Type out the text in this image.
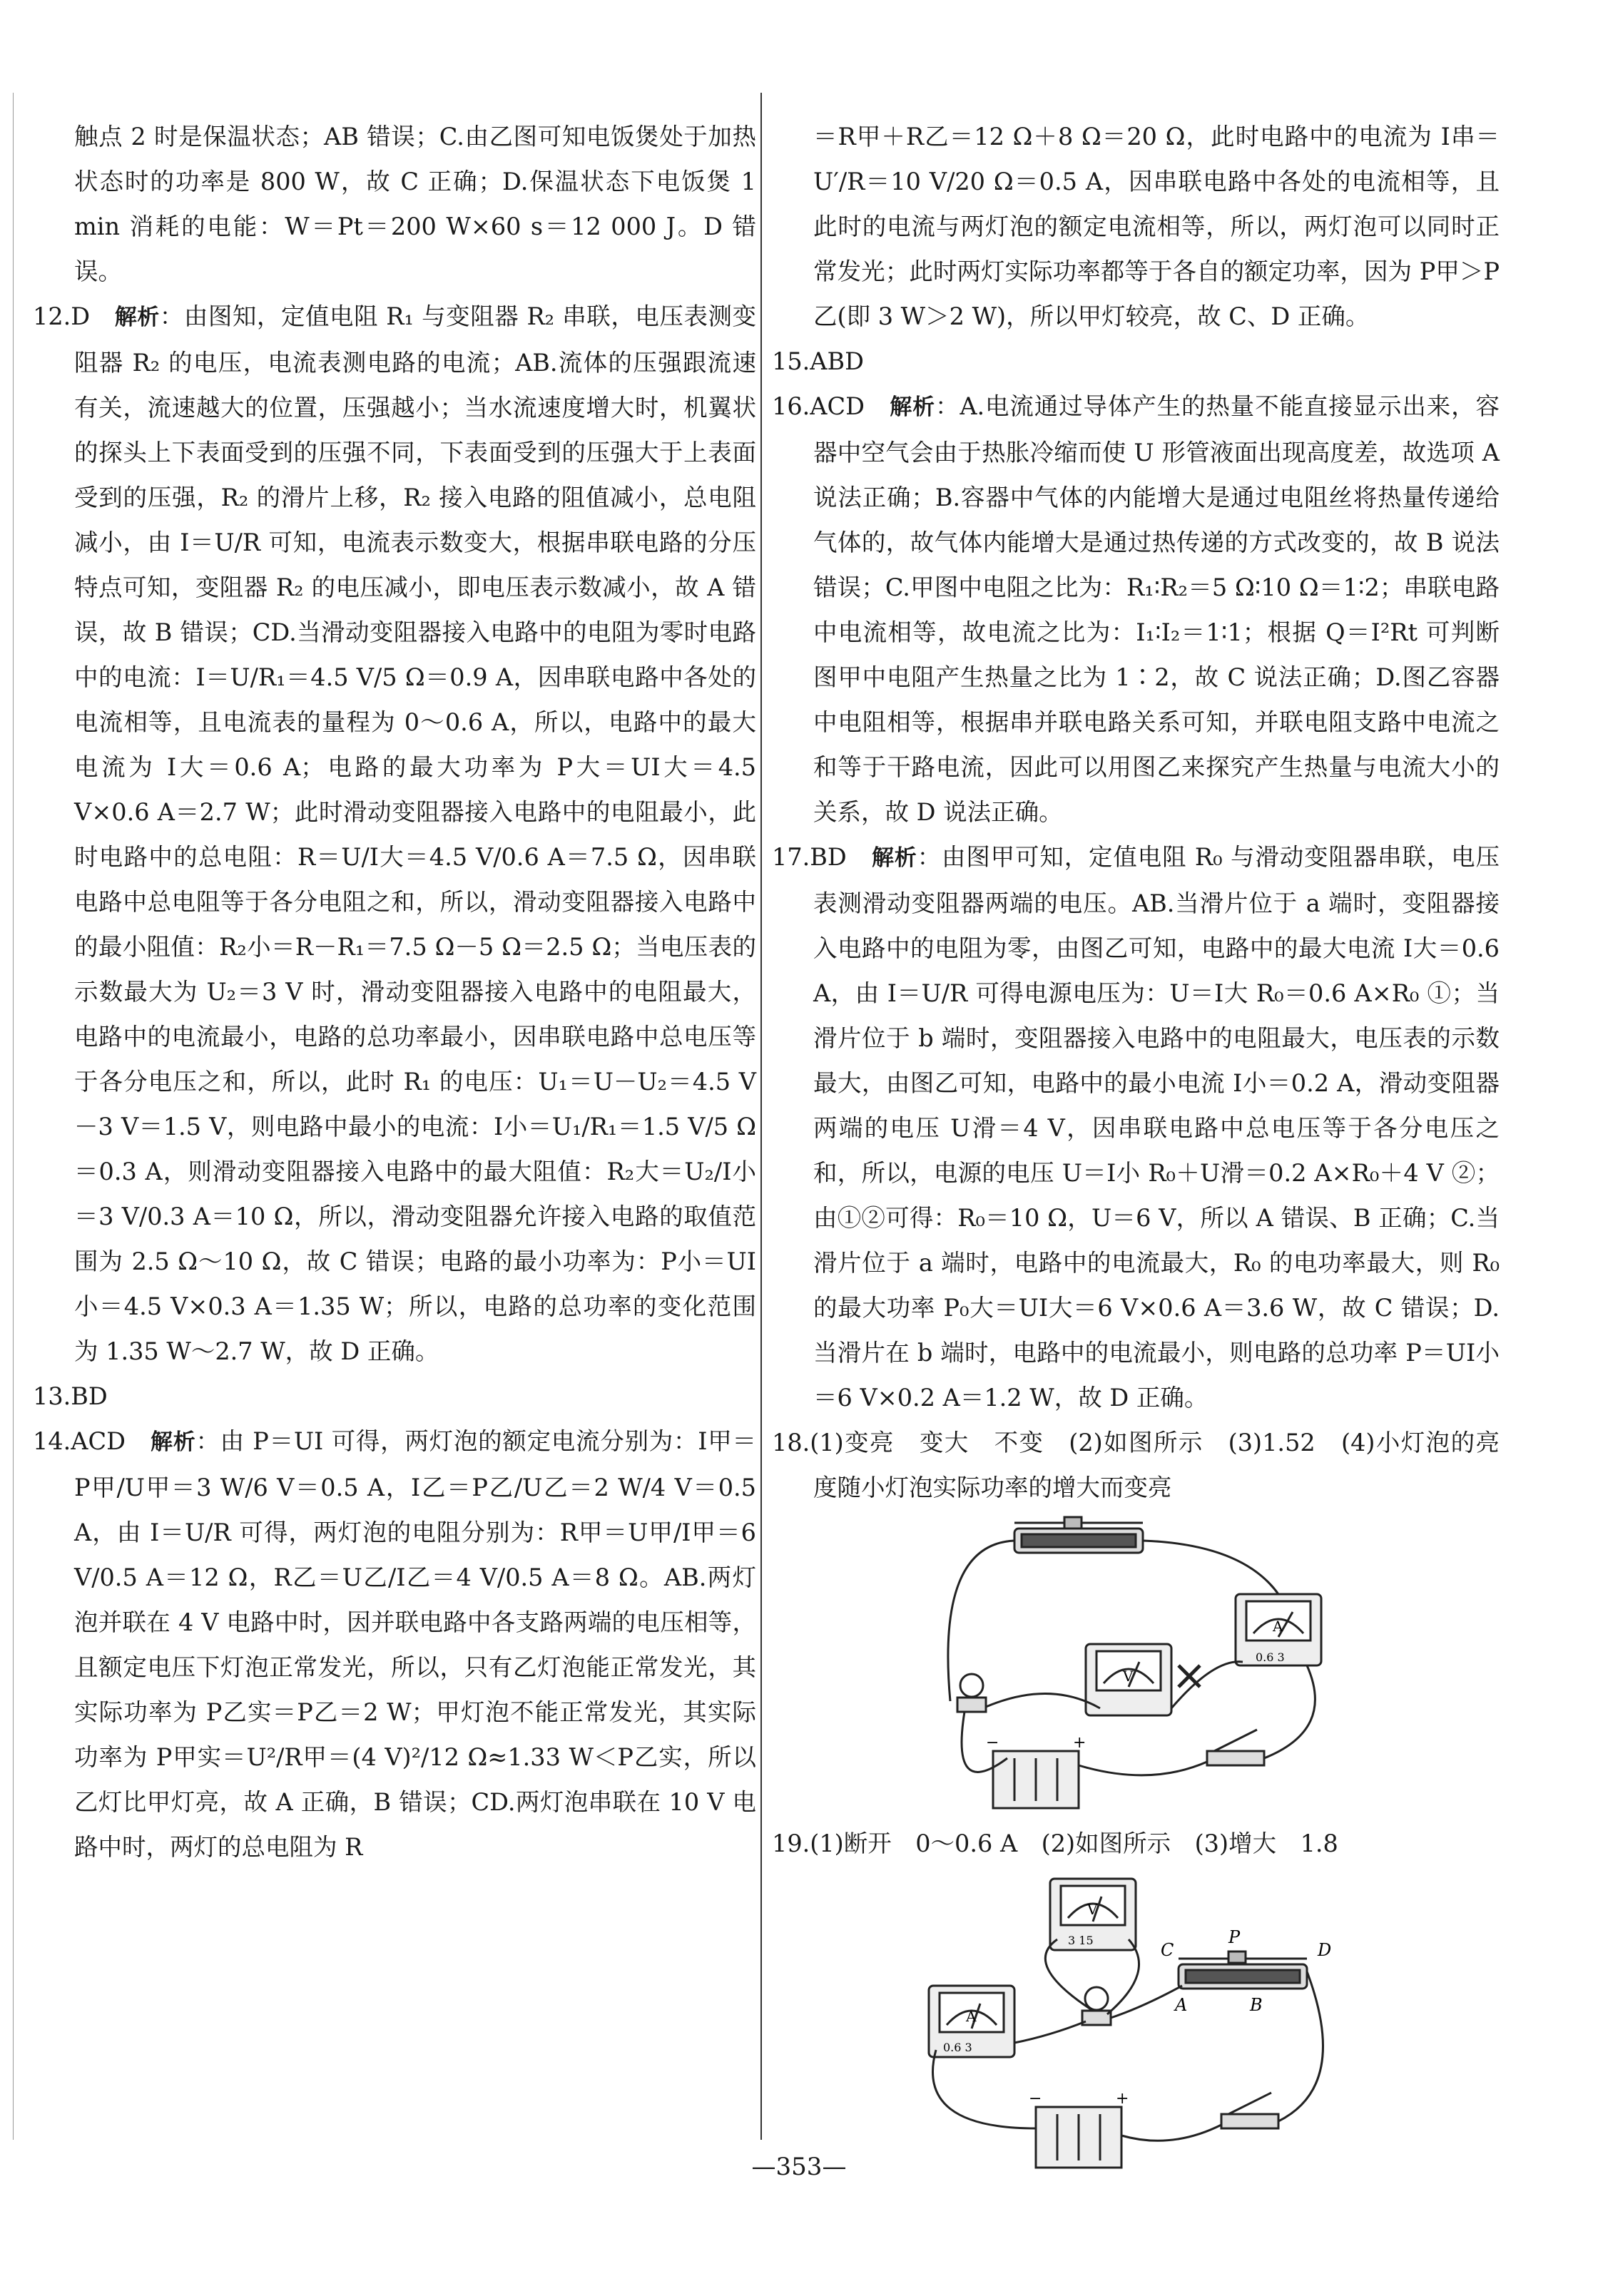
触点 2 时是保温状态；AB 错误；C.由乙图可知电饭煲处于加热状态时的功率是 800 W，故 C 正确；D.保温状态下电饭煲 1 min 消耗的电能：W＝Pt＝200 W×60 s＝12 000 J。D 错误。

12.D　 解析：由图知，定值电阻 R₁ 与变阻器 R₂ 串联，电压表测变阻器 R₂ 的电压，电流表测电路的电流；AB.流体的压强跟流速有关，流速越大的位置，压强越小；当水流速度增大时，机翼状的探头上下表面受到的压强不同，下表面受到的压强大于上表面受到的压强，R₂ 的滑片上移，R₂ 接入电路的阻值减小，总电阻减小，由 I＝U/R 可知，电流表示数变大，根据串联电路的分压特点可知，变阻器 R₂ 的电压减小，即电压表示数减小，故 A 错误，故 B 错误；CD.当滑动变阻器接入电路中的电阻为零时电路中的电流：I＝U/R₁＝4.5 V/5 Ω＝0.9 A，因串联电路中各处的电流相等，且电流表的量程为 0～0.6 A，所以，电路中的最大电流为 I大＝0.6 A；电路的最大功率为 P大＝UI大＝4.5 V×0.6 A＝2.7 W；此时滑动变阻器接入电路中的电阻最小，此时电路中的总电阻：R＝U/I大＝4.5 V/0.6 A＝7.5 Ω，因串联电路中总电阻等于各分电阻之和，所以，滑动变阻器接入电路中的最小阻值：R₂小＝R－R₁＝7.5 Ω－5 Ω＝2.5 Ω；当电压表的示数最大为 U₂＝3 V 时，滑动变阻器接入电路中的电阻最大，电路中的电流最小，电路的总功率最小，因串联电路中总电压等于各分电压之和，所以，此时 R₁ 的电压：U₁＝U－U₂＝4.5 V－3 V＝1.5 V，则电路中最小的电流：I小＝U₁/R₁＝1.5 V/5 Ω＝0.3 A，则滑动变阻器接入电路中的最大阻值：R₂大＝U₂/I小＝3 V/0.3 A＝10 Ω，所以，滑动变阻器允许接入电路的取值范围为 2.5 Ω～10 Ω，故 C 错误；电路的最小功率为：P小＝UI小＝4.5 V×0.3 A＝1.35 W；所以，电路的总功率的变化范围为 1.35 W～2.7 W，故 D 正确。

13.BD

14.ACD　 解析：由 P＝UI 可得，两灯泡的额定电流分别为：I甲＝P甲/U甲＝3 W/6 V＝0.5 A，I乙＝P乙/U乙＝2 W/4 V＝0.5 A，由 I＝U/R 可得，两灯泡的电阻分别为：R甲＝U甲/I甲＝6 V/0.5 A＝12 Ω，R乙＝U乙/I乙＝4 V/0.5 A＝8 Ω。AB.两灯泡并联在 4 V 电路中时，因并联电路中各支路两端的电压相等，且额定电压下灯泡正常发光，所以，只有乙灯泡能正常发光，其实际功率为 P乙实＝P乙＝2 W；甲灯泡不能正常发光，其实际功率为 P甲实＝U²/R甲＝(4 V)²/12 Ω≈1.33 W＜P乙实，所以乙灯比甲灯亮，故 A 正确，B 错误；CD.两灯泡串联在 10 V 电路中时，两灯的总电阻为 R

＝R甲＋R乙＝12 Ω＋8 Ω＝20 Ω，此时电路中的电流为 I串＝U′/R＝10 V/20 Ω＝0.5 A，因串联电路中各处的电流相等，且此时的电流与两灯泡的额定电流相等，所以，两灯泡可以同时正常发光；此时两灯实际功率都等于各自的额定功率，因为 P甲＞P乙(即 3 W＞2 W)，所以甲灯较亮，故 C、D 正确。

15.ABD

16.ACD　 解析：A.电流通过导体产生的热量不能直接显示出来，容器中空气会由于热胀冷缩而使 U 形管液面出现高度差，故选项 A 说法正确；B.容器中气体的内能增大是通过电阻丝将热量传递给气体的，故气体内能增大是通过热传递的方式改变的，故 B 说法错误；C.甲图中电阻之比为：R₁∶R₂＝5 Ω∶10 Ω＝1∶2；串联电路中电流相等，故电流之比为：I₁∶I₂＝1∶1；根据 Q＝I²Rt 可判断图甲中电阻产生热量之比为 1∶2，故 C 说法正确；D.图乙容器中电阻相等，根据串并联电路关系可知，并联电阻支路中电流之和等于干路电流，因此可以用图乙来探究产生热量与电流大小的关系，故 D 说法正确。

17.BD　 解析：由图甲可知，定值电阻 R₀ 与滑动变阻器串联，电压表测滑动变阻器两端的电压。AB.当滑片位于 a 端时，变阻器接入电路中的电阻为零，由图乙可知，电路中的最大电流 I大＝0.6 A，由 I＝U/R 可得电源电压为：U＝I大 R₀＝0.6 A×R₀ ①；当滑片位于 b 端时，变阻器接入电路中的电阻最大，电压表的示数最大，由图乙可知，电路中的最小电流 I小＝0.2 A，滑动变阻器两端的电压 U滑＝4 V，因串联电路中总电压等于各分电压之和，所以，电源的电压 U＝I小 R₀＋U滑＝0.2 A×R₀＋4 V ②；由①②可得：R₀＝10 Ω，U＝6 V，所以 A 错误、B 正确；C.当滑片位于 a 端时，电路中的电流最大，R₀ 的电功率最大，则 R₀ 的最大功率 P₀大＝UI大＝6 V×0.6 A＝3.6 W，故 C 错误；D.当滑片在 b 端时，电路中的电流最小，则电路的总功率 P＝UI小＝6 V×0.2 A＝1.2 W，故 D 正确。

18.(1)变亮　变大　不变　(2)如图所示　(3)1.52　(4)小灯泡的亮度随小灯泡实际功率的增大而变亮

A
V
0.6 3
+
−

19.(1)断开　0～0.6 A　(2)如图所示　(3)增大　1.8

A
V
0.6 3
3 15	C
P
D
A	B
+
−
—353—
